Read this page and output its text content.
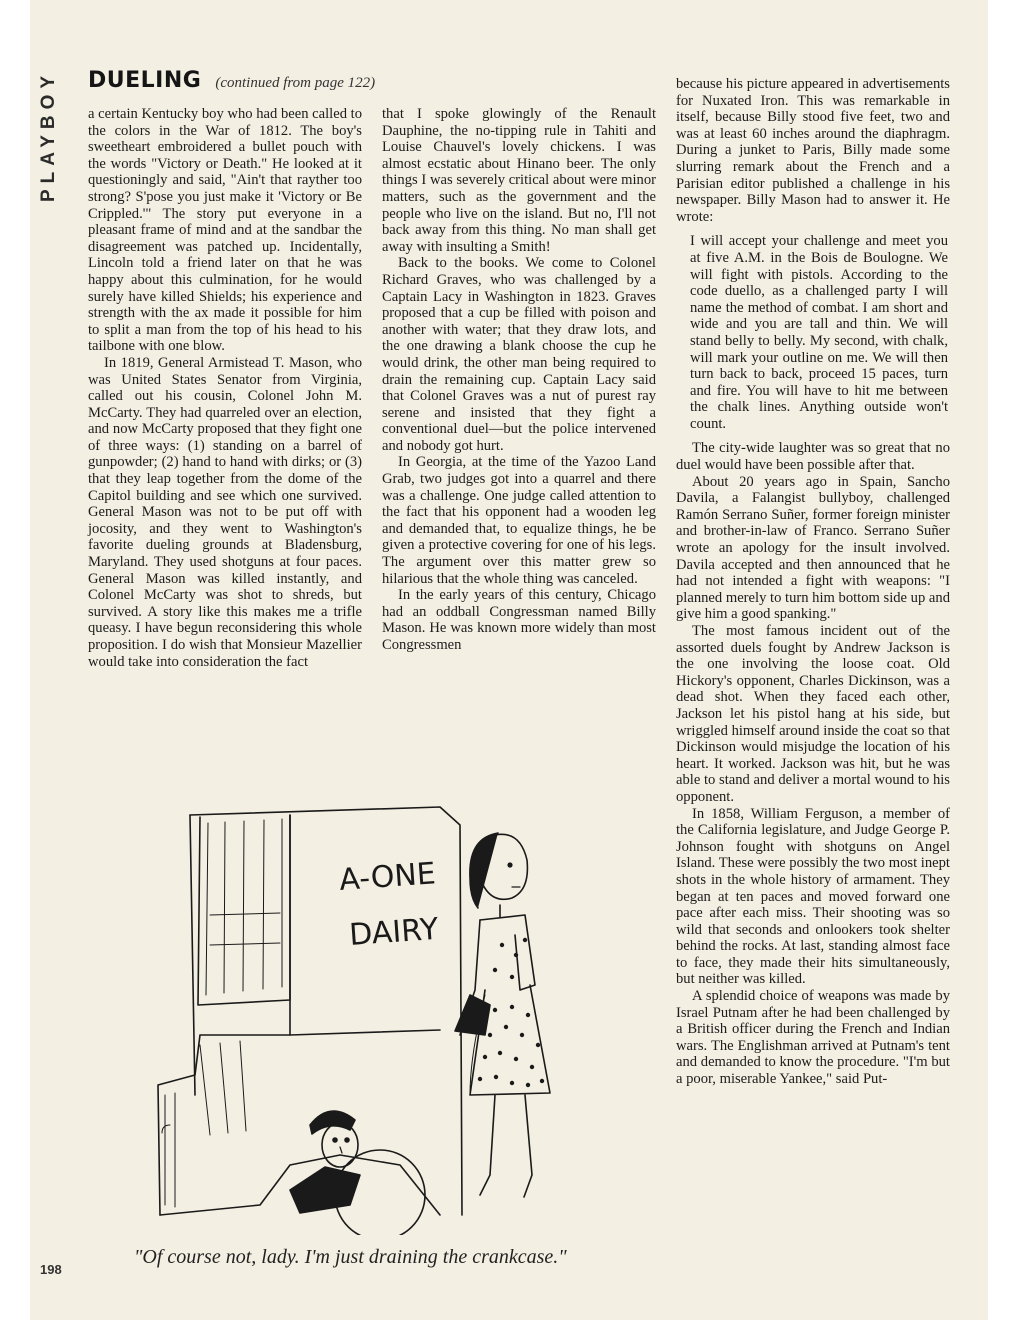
PLAYBOY	DUELING (continued from page 122)

a certain Kentucky boy who had been called to the colors in the War of 1812. The boy's sweetheart embroidered a bullet pouch with the words "Victory or Death." He looked at it questioningly and said, "Ain't that rayther too strong? S'pose you just make it 'Victory or Be Crippled.'" The story put everyone in a pleasant frame of mind and at the sandbar the disagreement was patched up. Incidentally, Lincoln told a friend later on that he was happy about this culmination, for he would surely have killed Shields; his experience and strength with the ax made it possible for him to split a man from the top of his head to his tailbone with one blow.

In 1819, General Armistead T. Mason, who was United States Senator from Virginia, called out his cousin, Colonel John M. McCarty. They had quarreled over an election, and now McCarty proposed that they fight one of three ways: (1) standing on a barrel of gunpowder; (2) hand to hand with dirks; or (3) that they leap together from the dome of the Capitol building and see which one survived. General Mason was not to be put off with jocosity, and they went to Washington's favorite dueling grounds at Bladensburg, Maryland. They used shotguns at four paces. General Mason was killed instantly, and Colonel McCarty was shot to shreds, but survived. A story like this makes me a trifle queasy. I have begun reconsidering this whole proposition. I do wish that Monsieur Mazellier would take into consideration the fact

that I spoke glowingly of the Renault Dauphine, the no-tipping rule in Tahiti and Louise Chauvel's lovely chickens. I was almost ecstatic about Hinano beer. The only things I was severely critical about were minor matters, such as the government and the people who live on the island. But no, I'll not back away from this thing. No man shall get away with insulting a Smith!

Back to the books. We come to Colonel Richard Graves, who was challenged by a Captain Lacy in Washington in 1823. Graves proposed that a cup be filled with poison and another with water; that they draw lots, and the one drawing a blank choose the cup he would drink, the other man being required to drain the remaining cup. Captain Lacy said that Colonel Graves was a nut of purest ray serene and insisted that they fight a conventional duel—but the police intervened and nobody got hurt.

In Georgia, at the time of the Yazoo Land Grab, two judges got into a quarrel and there was a challenge. One judge called attention to the fact that his opponent had a wooden leg and demanded that, to equalize things, he be given a protective covering for one of his legs. The argument over this matter grew so hilarious that the whole thing was canceled.

In the early years of this century, Chicago had an oddball Congressman named Billy Mason. He was known more widely than most Congressmen

because his picture appeared in advertisements for Nuxated Iron. This was remarkable in itself, because Billy stood five feet, two and was at least 60 inches around the diaphragm. During a junket to Paris, Billy made some slurring remark about the French and a Parisian editor published a challenge in his newspaper. Billy Mason had to answer it. He wrote:

I will accept your challenge and meet you at five A.M. in the Bois de Boulogne. We will fight with pistols. According to the code duello, as a challenged party I will name the method of combat. I am short and wide and you are tall and thin. We will stand belly to belly. My second, with chalk, will mark your outline on me. We will then turn back to back, proceed 15 paces, turn and fire. You will have to hit me between the chalk lines. Anything outside won't count.

The city-wide laughter was so great that no duel would have been possible after that.

About 20 years ago in Spain, Sancho Davila, a Falangist bullyboy, challenged Ramón Serrano Suñer, former foreign minister and brother-in-law of Franco. Serrano Suñer wrote an apology for the insult involved. Davila accepted and then announced that he had not intended a fight with weapons: "I planned merely to turn him bottom side up and give him a good spanking."

The most famous incident out of the assorted duels fought by Andrew Jackson is the one involving the loose coat. Old Hickory's opponent, Charles Dickinson, was a dead shot. When they faced each other, Jackson let his pistol hang at his side, but wriggled himself around inside the coat so that Dickinson would misjudge the location of his heart. It worked. Jackson was hit, but he was able to stand and deliver a mortal wound to his opponent.

In 1858, William Ferguson, a member of the California legislature, and Judge George P. Johnson fought with shotguns on Angel Island. These were possibly the two most inept shots in the whole history of armament. They began at ten paces and moved forward one pace after each miss. Their shooting was so wild that seconds and onlookers took shelter behind the rocks. At last, standing almost face to face, they made their hits simultaneously, but neither was killed.

A splendid choice of weapons was made by Israel Putnam after he had been challenged by a British officer during the French and Indian wars. The Englishman arrived at Putnam's tent and demanded to know the procedure. "I'm but a poor, miserable Yankee," said Put-

A-ONE
DAIRY
"Of course not, lady. I'm just draining the crankcase."
198
